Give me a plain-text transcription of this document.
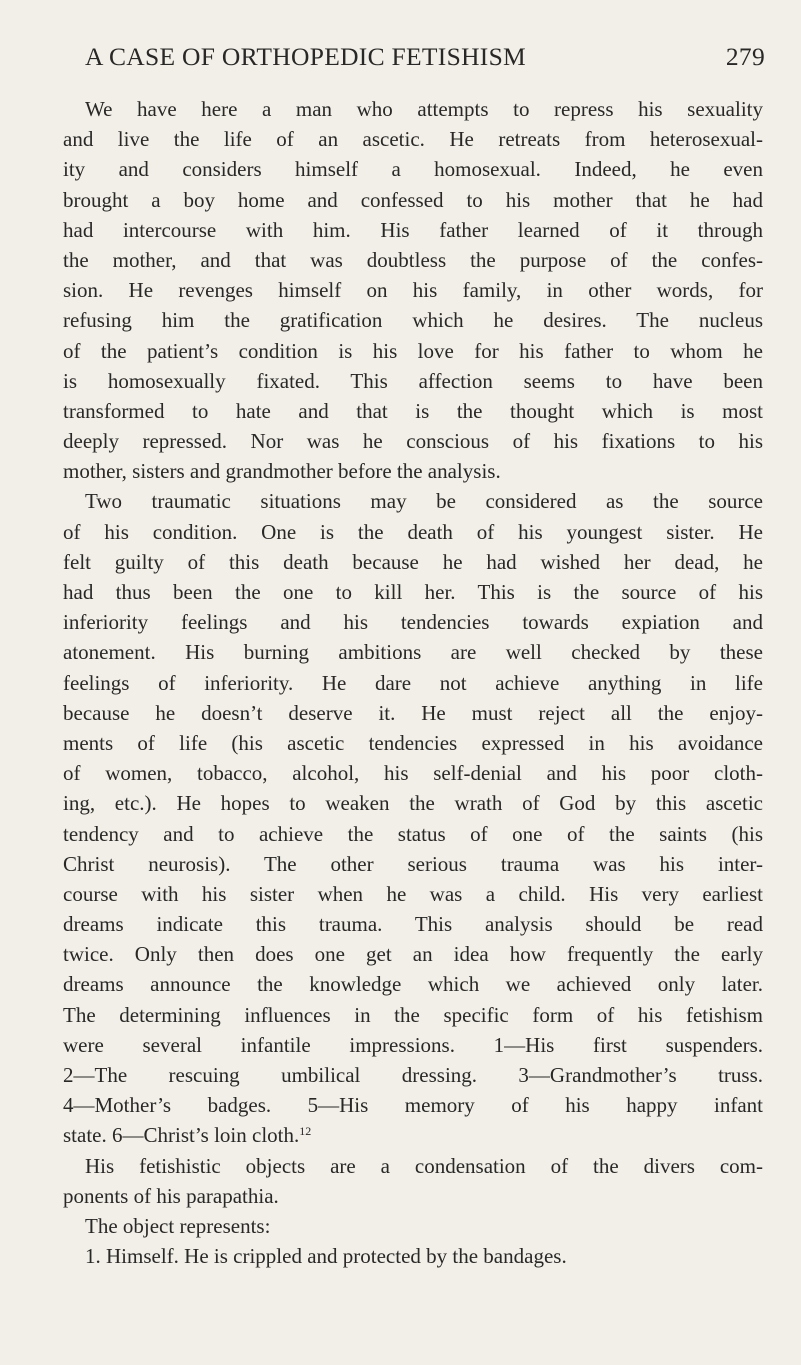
A CASE OF ORTHOPEDIC FETISHISM	279
We have here a man who attempts to repress his sexuality
and live the life of an ascetic. He retreats from heterosexual-
ity and considers himself a homosexual. Indeed, he even
brought a boy home and confessed to his mother that he had
had intercourse with him. His father learned of it through
the mother, and that was doubtless the purpose of the confes-
sion. He revenges himself on his family, in other words, for
refusing him the gratification which he desires. The nucleus
of the patient’s condition is his love for his father to whom he
is homosexually fixated. This affection seems to have been
transformed to hate and that is the thought which is most
deeply repressed. Nor was he conscious of his fixations to his
mother, sisters and grandmother before the analysis.
Two traumatic situations may be considered as the source
of his condition. One is the death of his youngest sister. He
felt guilty of this death because he had wished her dead, he
had thus been the one to kill her. This is the source of his
inferiority feelings and his tendencies towards expiation and
atonement. His burning ambitions are well checked by these
feelings of inferiority. He dare not achieve anything in life
because he doesn’t deserve it. He must reject all the enjoy-
ments of life (his ascetic tendencies expressed in his avoidance
of women, tobacco, alcohol, his self-denial and his poor cloth-
ing, etc.). He hopes to weaken the wrath of God by this ascetic
tendency and to achieve the status of one of the saints (his
Christ neurosis). The other serious trauma was his inter-
course with his sister when he was a child. His very earliest
dreams indicate this trauma. This analysis should be read
twice. Only then does one get an idea how frequently the early
dreams announce the knowledge which we achieved only later.
The determining influences in the specific form of his fetishism
were several infantile impressions. 1—His first suspenders.
2—The rescuing umbilical dressing. 3—Grandmother’s truss.
4—Mother’s badges. 5—His memory of his happy infant
state. 6—Christ’s loin cloth.$^{12}$
His fetishistic objects are a condensation of the divers com-
ponents of his parapathia.
The object represents:
1. Himself. He is crippled and protected by the bandages.
